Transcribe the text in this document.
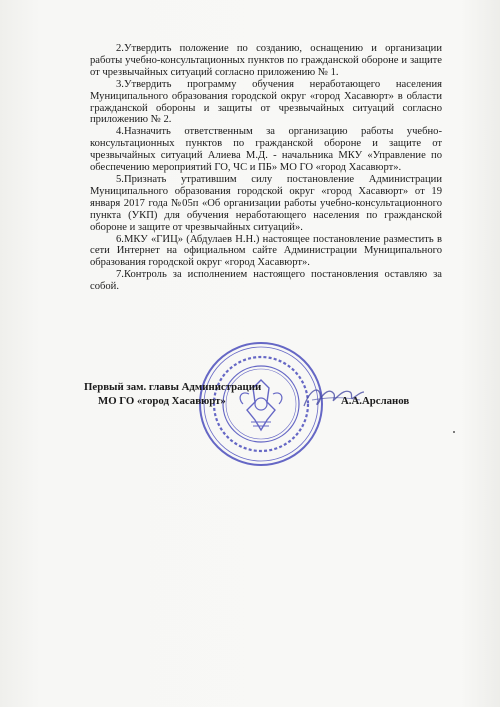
2.Утвердить положение по созданию, оснащению и организации работы учебно-консультационных пунктов по гражданской обороне и защите от чрезвычайных ситуаций согласно приложению № 1.

3.Утвердить программу обучения неработающего населения Муниципального образования городской округ «город Хасавюрт» в области гражданской обороны и защиты от чрезвычайных ситуаций согласно приложению № 2.

4.Назначить ответственным за организацию работы учебно-консультационных пунктов по гражданской обороне и защите от чрезвычайных ситуаций Алиева М.Д. - начальника МКУ «Управление по обеспечению мероприятий ГО, ЧС и ПБ» МО ГО «город Хасавюрт».

5.Признать утратившим силу постановление Администрации Муниципального образования городской округ «город Хасавюрт» от 19 января 2017 года №05п «Об организации работы учебно-консультационного пункта (УКП) для обучения неработающего населения по гражданской обороне и защите от чрезвычайных ситуаций».

6.МКУ «ГИЦ» (Абдулаев Н.Н.) настоящее постановление разместить в сети Интернет на официальном сайте Администрации Муниципального образования городской округ «город Хасавюрт».

7.Контроль за исполнением настоящего постановления оставляю за собой.

Первый зам. главы Администрации
МО ГО «город Хасавюрт»	А.А.Арсланов
